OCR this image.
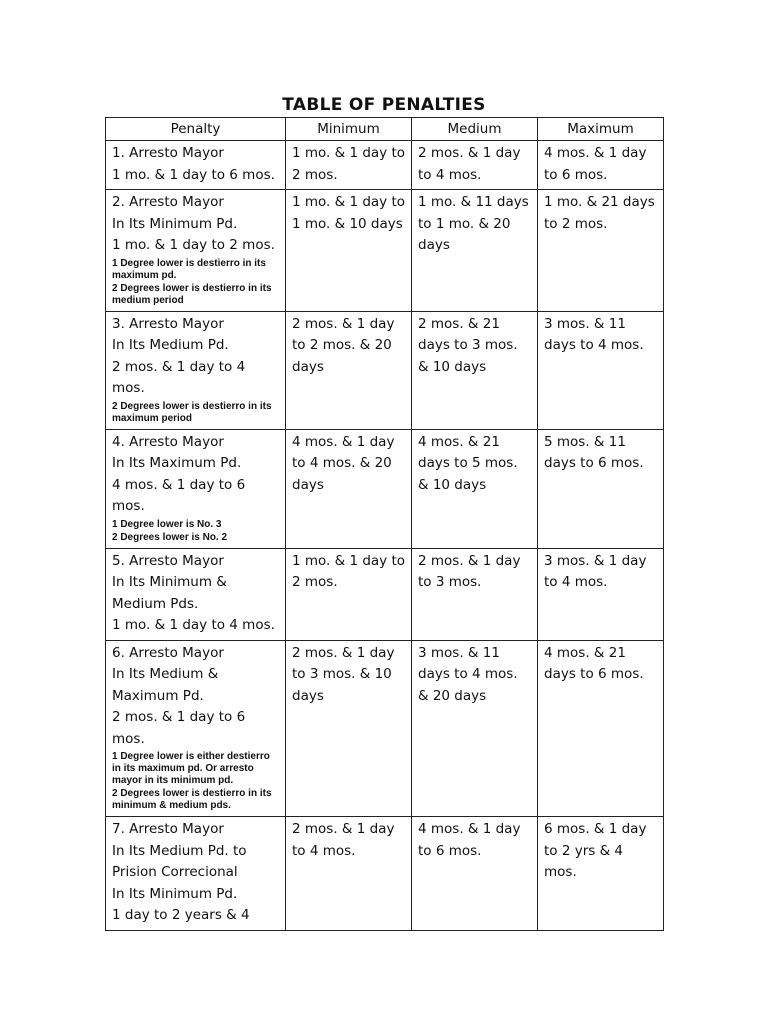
TABLE OF PENALTIES
Penalty	Minimum	Medium	Maximum

1. Arresto Mayor
1 mo. & 1 day to 6 mos.	1 mo. & 1 day to 2 mos.	2 mos. & 1 day to 4 mos.	4 mos. & 1 day to 6 mos.

2. Arresto Mayor
In Its Minimum Pd.
1 mo. & 1 day to 2 mos.
1 Degree lower is destierro in its maximum pd.
2 Degrees lower is destierro in its medium period	1 mo. & 1 day to 1 mo. & 10 days	1 mo. & 11 days to 1 mo. & 20 days	1 mo. & 21 days to 2 mos.

3. Arresto Mayor
In Its Medium Pd.
2 mos. & 1 day to 4 mos.
2 Degrees lower is destierro in its maximum period	2 mos. & 1 day to 2 mos. & 20 days	2 mos. & 21 days to 3 mos. & 10 days	3 mos. & 11 days to 4 mos.

4. Arresto Mayor
In Its Maximum Pd.
4 mos. & 1 day to 6 mos.
1 Degree lower is No. 3
2 Degrees lower is No. 2	4 mos. & 1 day to 4 mos. & 20 days	4 mos. & 21 days to 5 mos. & 10 days	5 mos. & 11 days to 6 mos.

5. Arresto Mayor
In Its Minimum & Medium Pds.
1 mo. & 1 day to 4 mos.	1 mo. & 1 day to 2 mos.	2 mos. & 1 day to 3 mos.	3 mos. & 1 day to 4 mos.

6. Arresto Mayor
In Its Medium & Maximum Pd.
2 mos. & 1 day to 6 mos.
1 Degree lower is either destierro in its maximum pd. Or arresto mayor in its minimum pd.
2 Degrees lower is destierro in its minimum & medium pds.	2 mos. & 1 day to 3 mos. & 10 days	3 mos. & 11 days to 4 mos. & 20 days	4 mos. & 21 days to 6 mos.

7. Arresto Mayor
In Its Medium Pd. to Prision Correcional
In Its Minimum Pd.
1 day to 2 years & 4	2 mos. & 1 day to 4 mos.	4 mos. & 1 day to 6 mos.	6 mos. & 1 day to 2 yrs & 4 mos.
